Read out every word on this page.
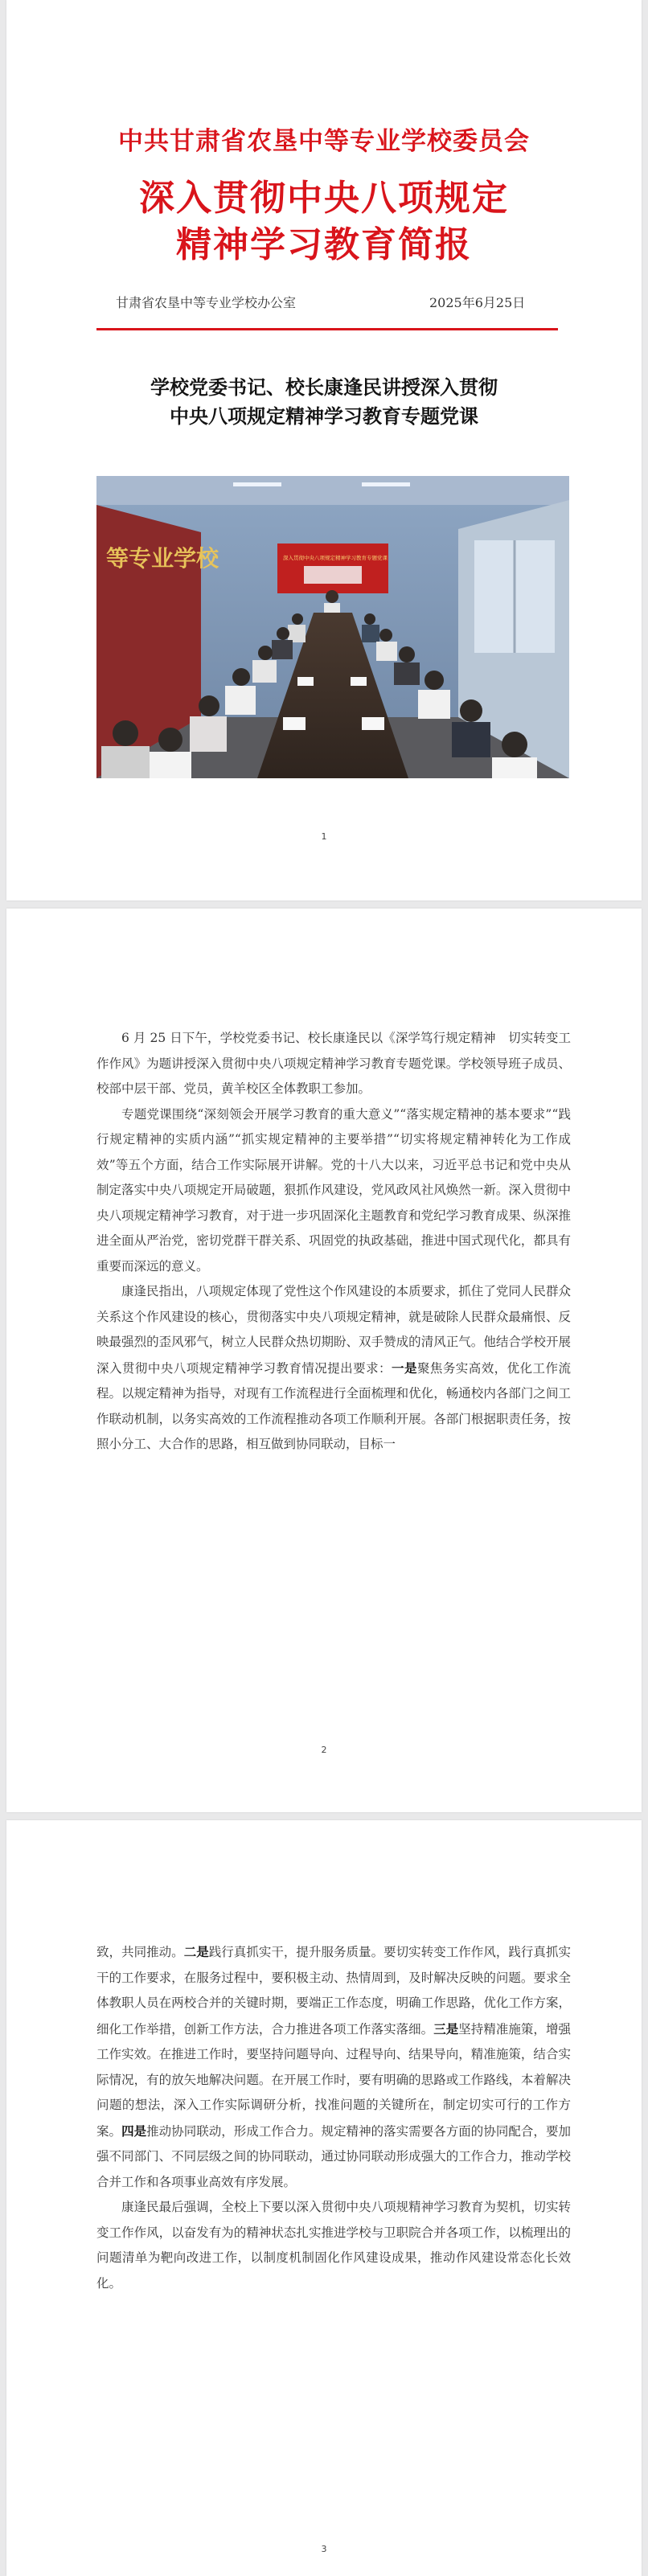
中共甘肃省农垦中等专业学校委员会
深入贯彻中央八项规定
精神学习教育简报
甘肃省农垦中等专业学校办公室	2025年6月25日
学校党委书记、校长康逢民讲授深入贯彻
中央八项规定精神学习教育专题党课
等专业学校	深入贯彻中央八项规定精神学习教育专题党课
1

6 月 25 日下午，学校党委书记、校长康逢民以《深学笃行规定精神　切实转变工作作风》为题讲授深入贯彻中央八项规定精神学习教育专题党课。学校领导班子成员、校部中层干部、党员，黄羊校区全体教职工参加。

专题党课围绕“深刻领会开展学习教育的重大意义”“落实规定精神的基本要求”“践行规定精神的实质内涵”“抓实规定精神的主要举措”“切实将规定精神转化为工作成效”等五个方面，结合工作实际展开讲解。党的十八大以来，习近平总书记和党中央从制定落实中央八项规定开局破题，狠抓作风建设，党风政风社风焕然一新。深入贯彻中央八项规定精神学习教育，对于进一步巩固深化主题教育和党纪学习教育成果、纵深推进全面从严治党，密切党群干群关系、巩固党的执政基础，推进中国式现代化，都具有重要而深远的意义。

康逢民指出，八项规定体现了党性这个作风建设的本质要求，抓住了党同人民群众关系这个作风建设的核心，贯彻落实中央八项规定精神，就是破除人民群众最痛恨、反映最强烈的歪风邪气，树立人民群众热切期盼、双手赞成的清风正气。他结合学校开展深入贯彻中央八项规定精神学习教育情况提出要求：一是聚焦务实高效，优化工作流程。以规定精神为指导，对现有工作流程进行全面梳理和优化，畅通校内各部门之间工作联动机制，以务实高效的工作流程推动各项工作顺利开展。各部门根据职责任务，按照小分工、大合作的思路，相互做到协同联动，目标一

2

致，共同推动。二是践行真抓实干，提升服务质量。要切实转变工作作风，践行真抓实干的工作要求，在服务过程中，要积极主动、热情周到，及时解决反映的问题。要求全体教职人员在两校合并的关键时期，要端正工作态度，明确工作思路，优化工作方案，细化工作举措，创新工作方法，合力推进各项工作落实落细。三是坚持精准施策，增强工作实效。在推进工作时，要坚持问题导向、过程导向、结果导向，精准施策，结合实际情况，有的放矢地解决问题。在开展工作时，要有明确的思路或工作路线，本着解决问题的想法，深入工作实际调研分析，找准问题的关键所在，制定切实可行的工作方案。四是推动协同联动，形成工作合力。规定精神的落实需要各方面的协同配合，要加强不同部门、不同层级之间的协同联动，通过协同联动形成强大的工作合力，推动学校合并工作和各项事业高效有序发展。

康逢民最后强调，全校上下要以深入贯彻中央八项规精神学习教育为契机，切实转变工作作风，以奋发有为的精神状态扎实推进学校与卫职院合并各项工作，以梳理出的问题清单为靶向改进工作，以制度机制固化作风建设成果，推动作风建设常态化长效化。

3
